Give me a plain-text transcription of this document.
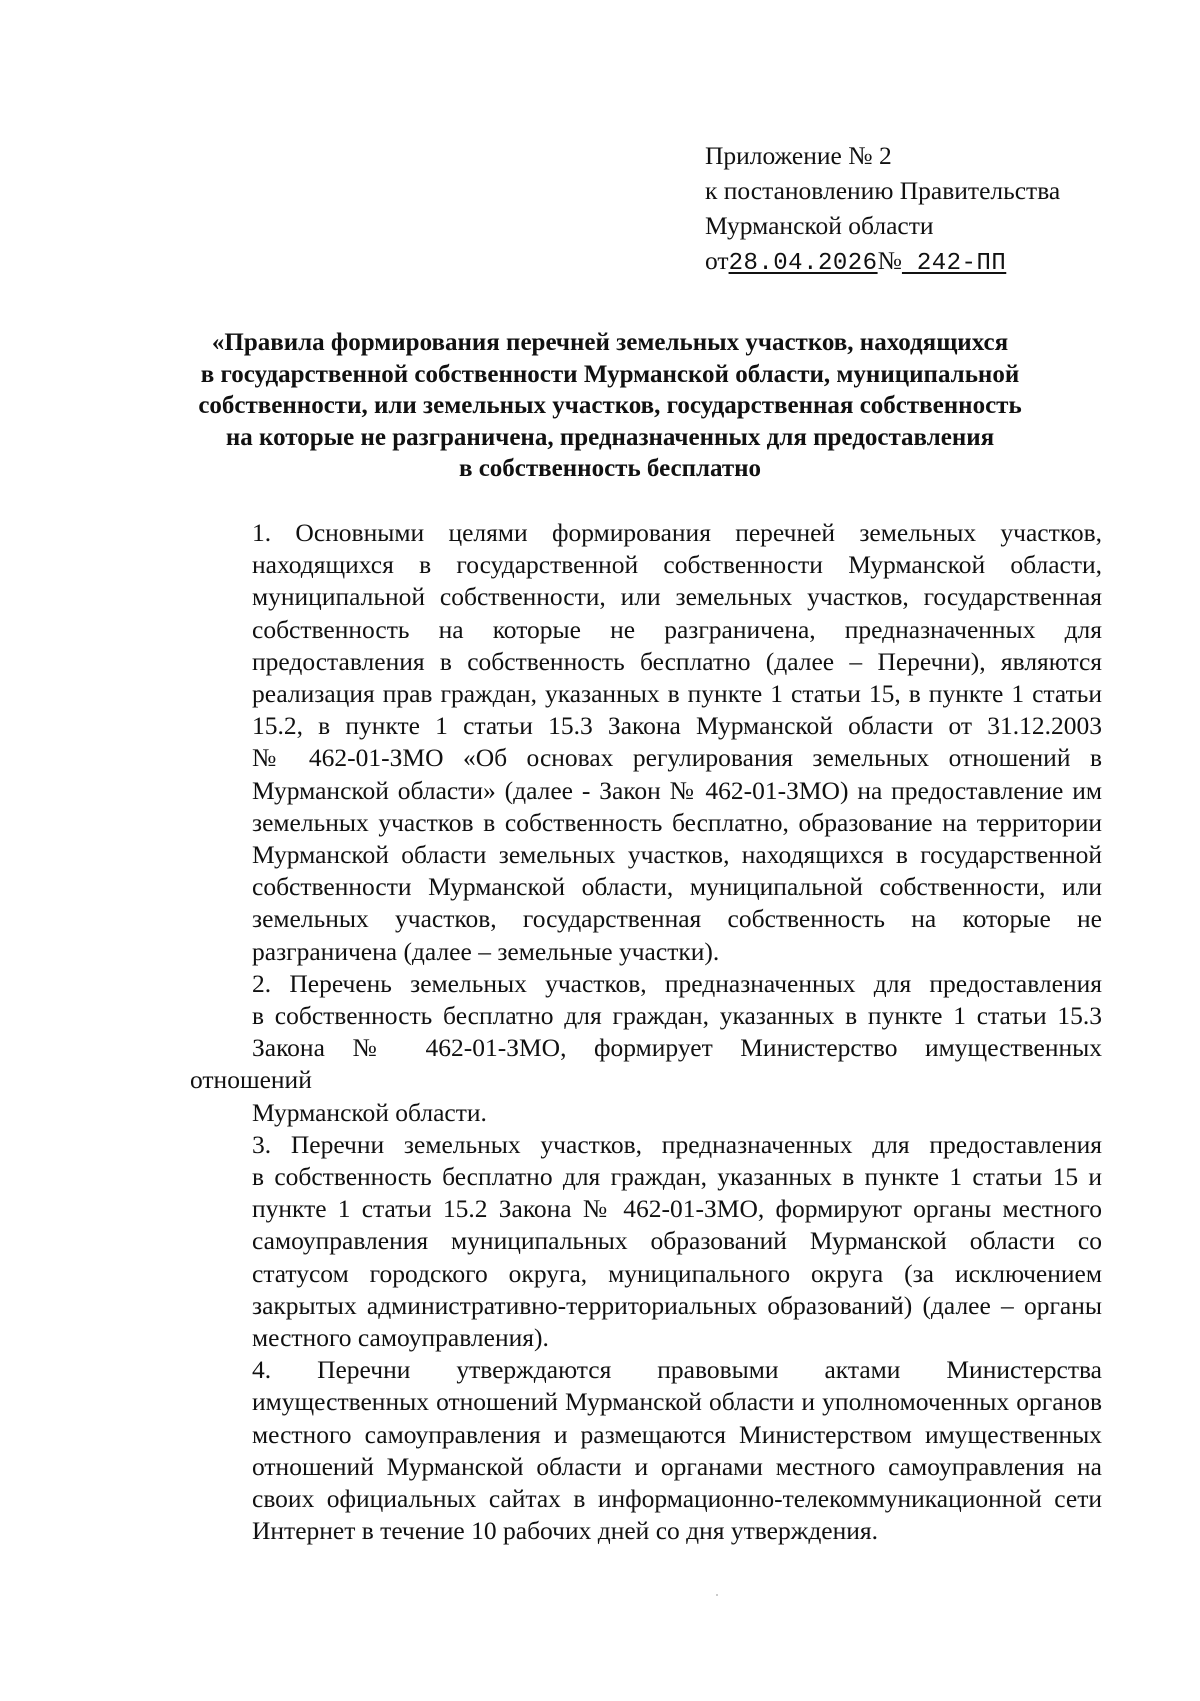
Приложение № 2
к постановлению Правительства
Мурманской области
от28.04.2026№ 242-ПП
«Правила формирования перечней земельных участков, находящихся
в государственной собственности Мурманской области, муниципальной
собственности, или земельных участков, государственная собственность
на которые не разграничена, предназначенных для предоставления
в собственность бесплатно

1. Основными целями формирования перечней земельных участков,
находящихся в государственной собственности Мурманской области,
муниципальной собственности, или земельных участков, государственная
собственность на которые не разграничена, предназначенных для
предоставления в собственность бесплатно (далее – Перечни), являются
реализация прав граждан, указанных в пункте 1 статьи 15, в пункте 1 статьи
15.2, в пункте 1 статьи 15.3 Закона Мурманской области от 31.12.2003
№ 462-01-ЗМО «Об основах регулирования земельных отношений в
Мурманской области» (далее - Закон № 462-01-ЗМО) на предоставление им
земельных участков в собственность бесплатно, образование на территории
Мурманской области земельных участков, находящихся в государственной
собственности Мурманской области, муниципальной собственности, или
земельных участков, государственная собственность на которые не
разграничена (далее – земельные участки).

2. Перечень земельных участков, предназначенных для предоставления
в собственность бесплатно для граждан, указанных в пункте 1 статьи 15.3
Закона № 462-01-ЗМО, формирует Министерство имущественных отношений
Мурманской области.

3. Перечни земельных участков, предназначенных для предоставления
в собственность бесплатно для граждан, указанных в пункте 1 статьи 15 и
пункте 1 статьи 15.2 Закона № 462-01-ЗМО, формируют органы местного
самоуправления муниципальных образований Мурманской области со
статусом городского округа, муниципального округа (за исключением
закрытых административно-территориальных образований) (далее – органы
местного самоуправления).

4. Перечни утверждаются правовыми актами Министерства
имущественных отношений Мурманской области и уполномоченных органов
местного самоуправления и размещаются Министерством имущественных
отношений Мурманской области и органами местного самоуправления на
своих официальных сайтах в информационно-телекоммуникационной сети
Интернет в течение 10 рабочих дней со дня утверждения.
